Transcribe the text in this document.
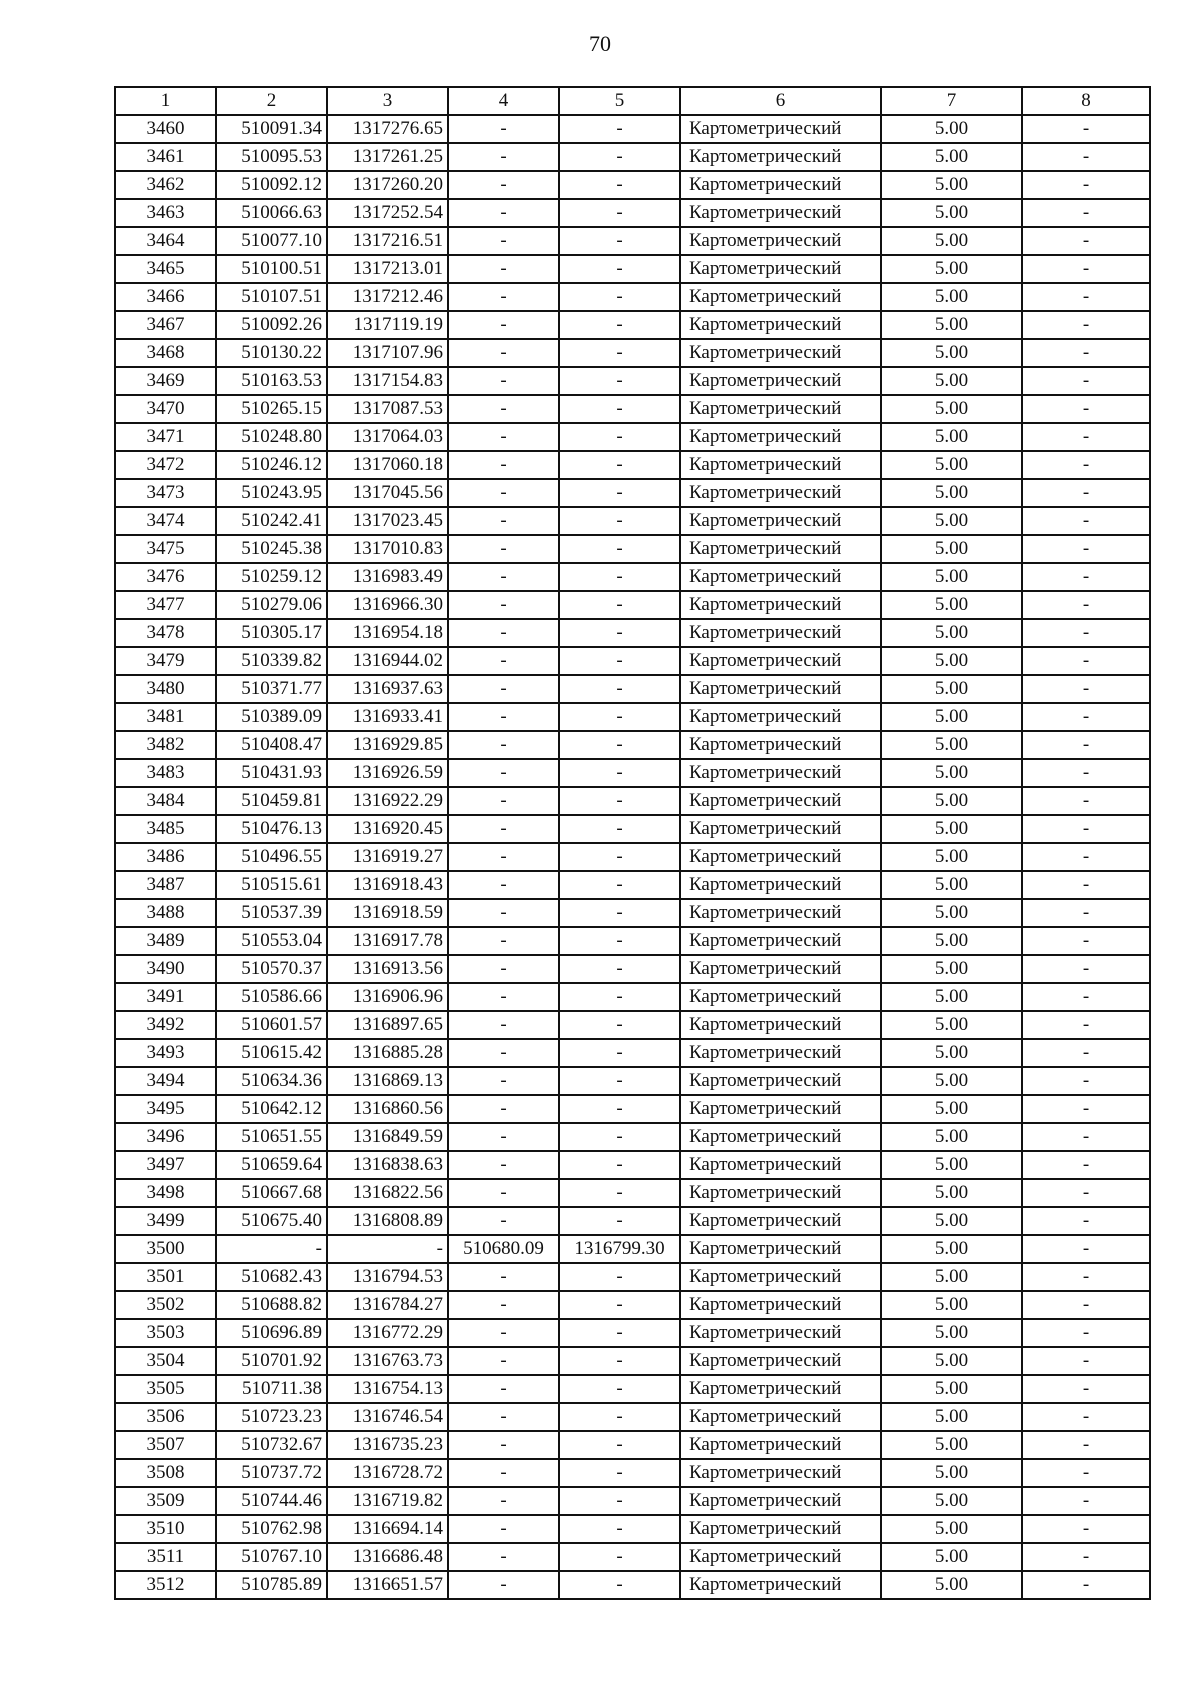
70
1	2	3	4	5	6	7	8
3460	510091.34	1317276.65	-	-	Картометрический	5.00	-
3461	510095.53	1317261.25	-	-	Картометрический	5.00	-
3462	510092.12	1317260.20	-	-	Картометрический	5.00	-
3463	510066.63	1317252.54	-	-	Картометрический	5.00	-
3464	510077.10	1317216.51	-	-	Картометрический	5.00	-
3465	510100.51	1317213.01	-	-	Картометрический	5.00	-
3466	510107.51	1317212.46	-	-	Картометрический	5.00	-
3467	510092.26	1317119.19	-	-	Картометрический	5.00	-
3468	510130.22	1317107.96	-	-	Картометрический	5.00	-
3469	510163.53	1317154.83	-	-	Картометрический	5.00	-
3470	510265.15	1317087.53	-	-	Картометрический	5.00	-
3471	510248.80	1317064.03	-	-	Картометрический	5.00	-
3472	510246.12	1317060.18	-	-	Картометрический	5.00	-
3473	510243.95	1317045.56	-	-	Картометрический	5.00	-
3474	510242.41	1317023.45	-	-	Картометрический	5.00	-
3475	510245.38	1317010.83	-	-	Картометрический	5.00	-
3476	510259.12	1316983.49	-	-	Картометрический	5.00	-
3477	510279.06	1316966.30	-	-	Картометрический	5.00	-
3478	510305.17	1316954.18	-	-	Картометрический	5.00	-
3479	510339.82	1316944.02	-	-	Картометрический	5.00	-
3480	510371.77	1316937.63	-	-	Картометрический	5.00	-
3481	510389.09	1316933.41	-	-	Картометрический	5.00	-
3482	510408.47	1316929.85	-	-	Картометрический	5.00	-
3483	510431.93	1316926.59	-	-	Картометрический	5.00	-
3484	510459.81	1316922.29	-	-	Картометрический	5.00	-
3485	510476.13	1316920.45	-	-	Картометрический	5.00	-
3486	510496.55	1316919.27	-	-	Картометрический	5.00	-
3487	510515.61	1316918.43	-	-	Картометрический	5.00	-
3488	510537.39	1316918.59	-	-	Картометрический	5.00	-
3489	510553.04	1316917.78	-	-	Картометрический	5.00	-
3490	510570.37	1316913.56	-	-	Картометрический	5.00	-
3491	510586.66	1316906.96	-	-	Картометрический	5.00	-
3492	510601.57	1316897.65	-	-	Картометрический	5.00	-
3493	510615.42	1316885.28	-	-	Картометрический	5.00	-
3494	510634.36	1316869.13	-	-	Картометрический	5.00	-
3495	510642.12	1316860.56	-	-	Картометрический	5.00	-
3496	510651.55	1316849.59	-	-	Картометрический	5.00	-
3497	510659.64	1316838.63	-	-	Картометрический	5.00	-
3498	510667.68	1316822.56	-	-	Картометрический	5.00	-
3499	510675.40	1316808.89	-	-	Картометрический	5.00	-
3500	-	-	510680.09	1316799.30	Картометрический	5.00	-
3501	510682.43	1316794.53	-	-	Картометрический	5.00	-
3502	510688.82	1316784.27	-	-	Картометрический	5.00	-
3503	510696.89	1316772.29	-	-	Картометрический	5.00	-
3504	510701.92	1316763.73	-	-	Картометрический	5.00	-
3505	510711.38	1316754.13	-	-	Картометрический	5.00	-
3506	510723.23	1316746.54	-	-	Картометрический	5.00	-
3507	510732.67	1316735.23	-	-	Картометрический	5.00	-
3508	510737.72	1316728.72	-	-	Картометрический	5.00	-
3509	510744.46	1316719.82	-	-	Картометрический	5.00	-
3510	510762.98	1316694.14	-	-	Картометрический	5.00	-
3511	510767.10	1316686.48	-	-	Картометрический	5.00	-
3512	510785.89	1316651.57	-	-	Картометрический	5.00	-
